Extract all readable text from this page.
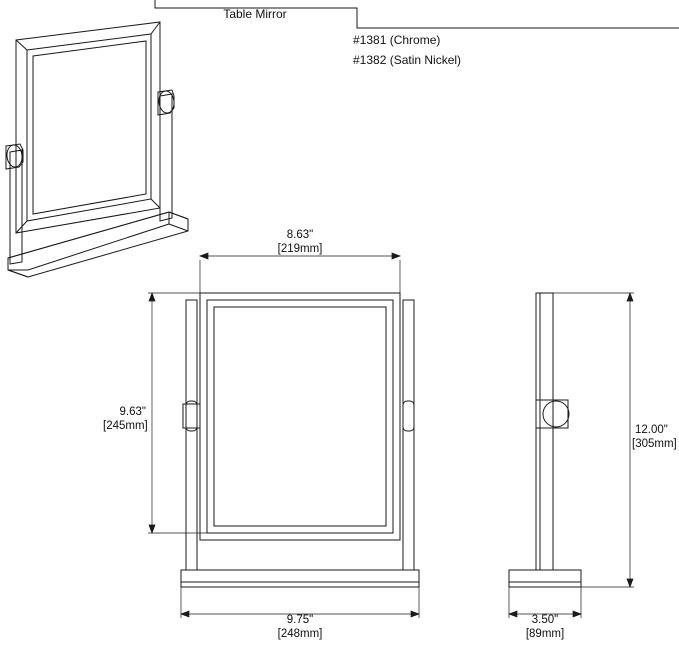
Table Mirror
#1381 (Chrome)
#1382 (Satin Nickel)
8.63"
[219mm]
9.63"
[245mm]
9.75"
[248mm]
12.00"
[305mm]
3.50"
[89mm]
